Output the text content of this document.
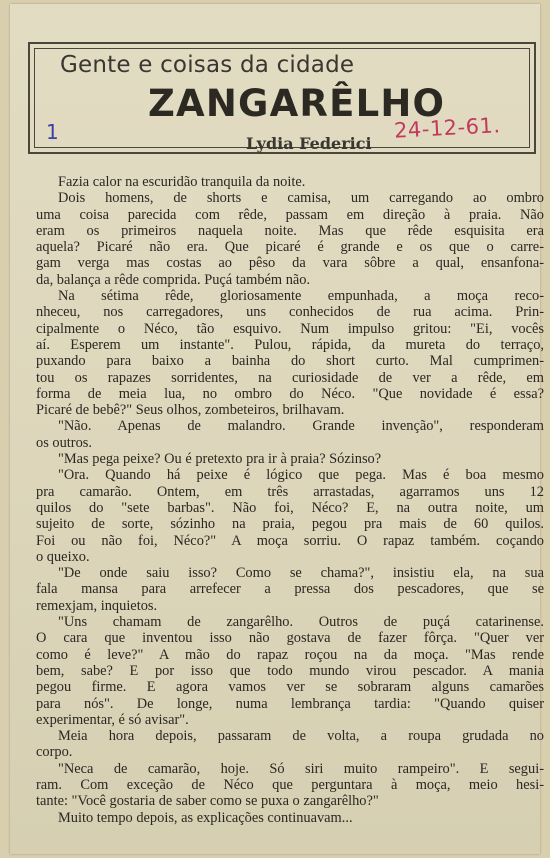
Gente e coisas da cidade
ZANGARÊLHO
Lydia Federici
1	24-12-61.
Fazia calor na escuridão tranquila da noite.
Dois homens, de shorts e camisa, um carregando ao ombro
uma coisa parecida com rêde, passam em direção à praia. Não
eram os primeiros naquela noite. Mas que rêde esquisita era
aquela? Picaré não era. Que picaré é grande e os que o carre-
gam verga mas costas ao pêso da vara sôbre a qual, ensanfona-
da, balança a rêde comprida. Puçá também não.
Na sétima rêde, gloriosamente empunhada, a moça reco-
nheceu, nos carregadores, uns conhecidos de rua acima. Prin-
cipalmente o Néco, tão esquivo. Num impulso gritou: "Ei, vocês
aí. Esperem um instante". Pulou, rápida, da mureta do terraço,
puxando para baixo a bainha do short curto. Mal cumprimen-
tou os rapazes sorridentes, na curiosidade de ver a rêde, em
forma de meia lua, no ombro do Néco. "Que novidade é essa?
Picaré de bebê?" Seus olhos, zombeteiros, brilhavam.
"Não. Apenas de malandro. Grande invenção", responderam
os outros.
"Mas pega peixe? Ou é pretexto pra ir à praia? Sózinso?
"Ora. Quando há peixe é lógico que pega. Mas é boa mesmo
pra camarão. Ontem, em três arrastadas, agarramos uns 12
quilos do "sete barbas". Não foi, Néco? E, na outra noite, um
sujeito de sorte, sózinho na praia, pegou pra mais de 60 quilos.
Foi ou não foi, Néco?" A moça sorriu. O rapaz também. coçando
o queixo.
"De onde saiu isso? Como se chama?", insistiu ela, na sua
fala mansa para arrefecer a pressa dos pescadores, que se
remexjam, inquietos.
"Uns chamam de zangarêlho. Outros de puçá catarinense.
O cara que inventou isso não gostava de fazer fôrça. "Quer ver
como é leve?" A mão do rapaz roçou na da moça. "Mas rende
bem, sabe? E por isso que todo mundo virou pescador. A mania
pegou firme. E agora vamos ver se sobraram alguns camarões
para nós". De longe, numa lembrança tardia: "Quando quiser
experimentar, é só avisar".
Meia hora depois, passaram de volta, a roupa grudada no
corpo.
"Neca de camarão, hoje. Só siri muito rampeiro". E segui-
ram. Com exceção de Néco que perguntara à moça, meio hesi-
tante: "Você gostaria de saber como se puxa o zangarêlho?"
Muito tempo depois, as explicações continuavam...
